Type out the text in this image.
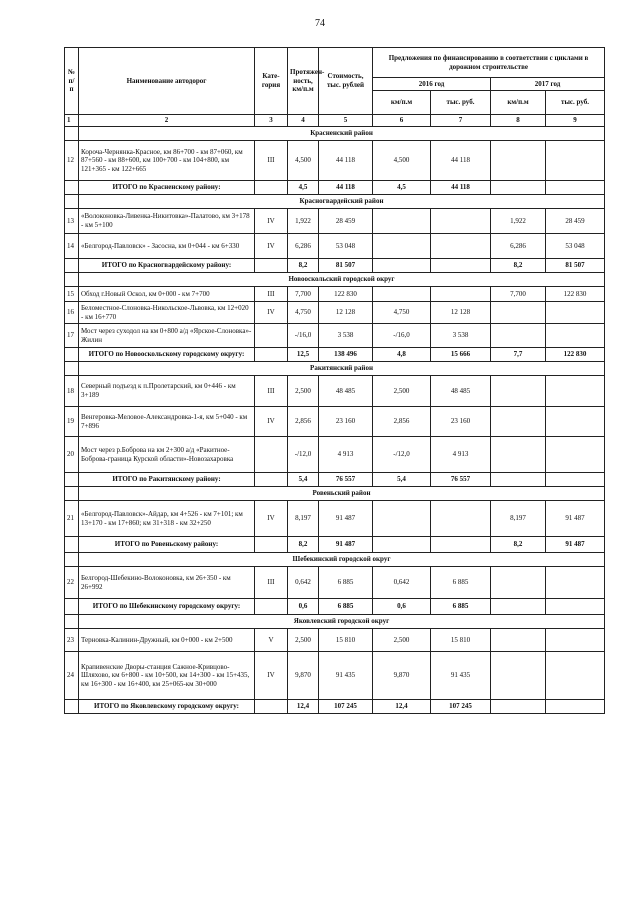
74
№ п/п	Наименование автодорог	Кате-гория	Протяжен-ность, км/п.м	Стоимость, тыс. рублей	Предложения по финансированию в соответствии с циклами в дорожном строительстве			
					2016 год		2017 год	
					км/п.м	тыс. руб.	км/п.м	тыс. руб.
1	2	3	4	5	6	7	8	9
	Красненский район							
12	Короча-Чернянка-Красное, км 86+700 - км 87+060, км 87+560 - км 88+600, км 100+700 - км 104+800, км 121+365 - км 122+665	III	4,500	44 118	4,500	44 118		
	ИТОГО по Красненскому району:		4,5	44 118	4,5	44 118		
	Красногвардейский район							
13	«Волоконовка-Ливенка-Никитовка»-Палатово, км 3+178 - км 5+100	IV	1,922	28 459			1,922	28 459
14	«Белгород-Павловск» - Засосна, км 0+044 - км 6+330	IV	6,286	53 048			6,286	53 048
	ИТОГО по Красногвардейскому району:		8,2	81 507			8,2	81 507
	Новооскольский городской округ							
15	Обход г.Новый Оскол, км 0+000 - км 7+700	III	7,700	122 830			7,700	122 830
16	Беломестное-Слоновка-Никольское-Львовка, км 12+020 - км 16+770	IV	4,750	12 128	4,750	12 128		
17	Мост через суходол на км 0+800 а/д «Ярское-Слоновка»-Жилин		-/16,0	3 538	-/16,0	3 538		
	ИТОГО по Новооскольскому городскому округу:		12,5	138 496	4,8	15 666	7,7	122 830
	Ракитянский район							
18	Северный подъезд к п.Пролетарский, км 0+446 - км 3+189	III	2,500	48 485	2,500	48 485		
19	Венгеровка-Меловое-Александровка-1-я, км 5+040 - км 7+896	IV	2,856	23 160	2,856	23 160		
20	Мост через р.Боброва на км 2+300 а/д «Ракитное-Боброва-граница Курской области»-Новозахаровка		-/12,0	4 913	-/12,0	4 913		
	ИТОГО по Ракитянскому району:		5,4	76 557	5,4	76 557		
	Ровеньский район							
21	«Белгород-Павловск»-Айдар, км 4+526 - км 7+101; км 13+170 - км 17+860; км 31+318 - км 32+250	IV	8,197	91 487			8,197	91 487
	ИТОГО по Ровеньскому району:		8,2	91 487			8,2	91 487
	Шебекинский городской округ							
22	Белгород-Шебекино-Волоконовка, км 26+350 - км 26+992	III	0,642	6 885	0,642	6 885		
	ИТОГО по Шебекинскому городскому округу:		0,6	6 885	0,6	6 885		
	Яковлевский городской округ							
23	Терновка-Калинин-Дружный, км 0+000 - км 2+500	V	2,500	15 810	2,500	15 810		
24	Крапивенские Дворы-станция Сажное-Кривцово-Шляхово, км 6+800 - км 10+500, км 14+300 - км 15+435, км 16+300 - км 16+400, км 25+065-км 30+000	IV	9,870	91 435	9,870	91 435		
	ИТОГО по Яковлевскому городскому округу:		12,4	107 245	12,4	107 245		
